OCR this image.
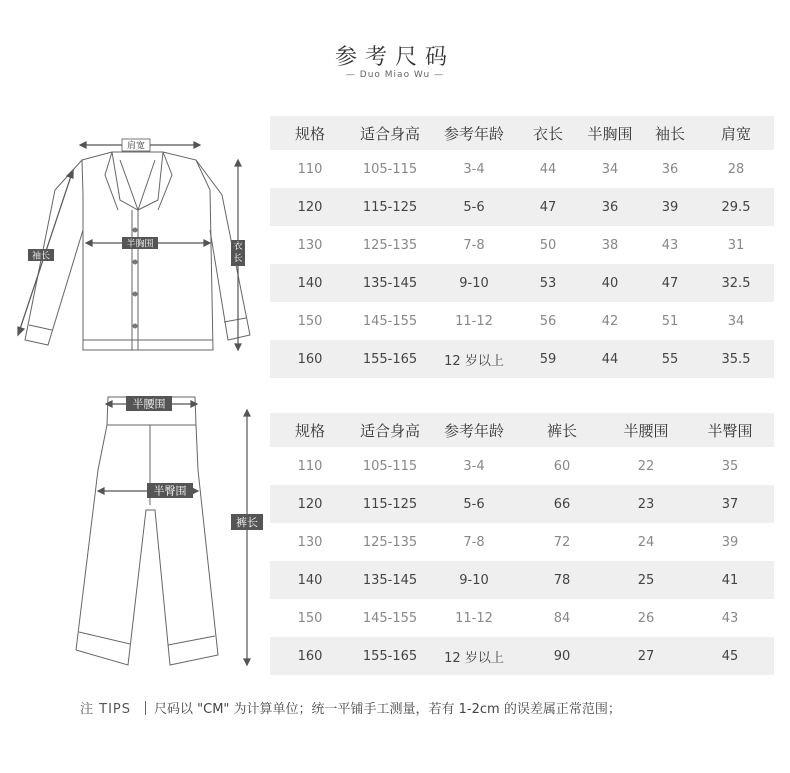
参考尺码
— Duo Miao Wu —
肩宽
半胸围
袖长
衣长
半腰围
半臀围
裤长
规格	适合身高	参考年龄	衣长	半胸围	袖长	肩宽
110	105-115	3-4	44	34	36	28
120	115-125	5-6	47	36	39	29.5
130	125-135	7-8	50	38	43	31
140	135-145	9-10	53	40	47	32.5
150	145-155	11-12	56	42	51	34
160	155-165	12 岁以上	59	44	55	35.5
规格	适合身高	参考年龄	裤长	半腰围	半臀围
110	105-115	3-4	60	22	35
120	115-125	5-6	66	23	37
130	125-135	7-8	72	24	39
140	135-145	9-10	78	25	41
150	145-155	11-12	84	26	43
160	155-165	12 岁以上	90	27	45
注 TIPS 尺码以 "CM" 为计算单位；统一平铺手工测量，若有 1-2cm 的误差属正常范围；
